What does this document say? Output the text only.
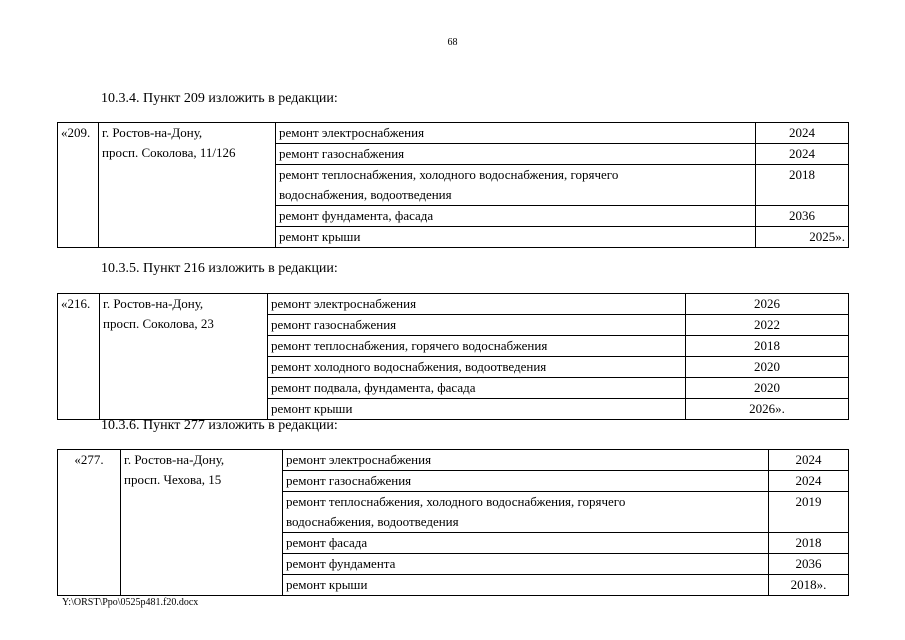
68
10.3.4. Пункт 209 изложить в редакции:
«209.	г. Ростов-на-Дону,
просп. Соколова, 11/126	ремонт электроснабжения	2024
		ремонт газоснабжения	2024
		ремонт теплоснабжения, холодного водоснабжения, горячего
водоснабжения, водоотведения	2018
		ремонт фундамента, фасада	2036
		ремонт крыши	2025».
10.3.5. Пункт 216 изложить в редакции:
«216.	г. Ростов-на-Дону,
просп. Соколова, 23	ремонт электроснабжения	2026
		ремонт газоснабжения	2022
		ремонт теплоснабжения, горячего водоснабжения	2018
		ремонт холодного водоснабжения, водоотведения	2020
		ремонт подвала, фундамента, фасада	2020
		ремонт крыши	2026».
10.3.6. Пункт 277 изложить в редакции:
«277.	г. Ростов-на-Дону,
просп. Чехова, 15	ремонт электроснабжения	2024
		ремонт газоснабжения	2024
		ремонт теплоснабжения, холодного водоснабжения, горячего
водоснабжения, водоотведения	2019
		ремонт фасада	2018
		ремонт фундамента	2036
		ремонт крыши	2018».
Y:\ORST\Ppo\0525p481.f20.docx
